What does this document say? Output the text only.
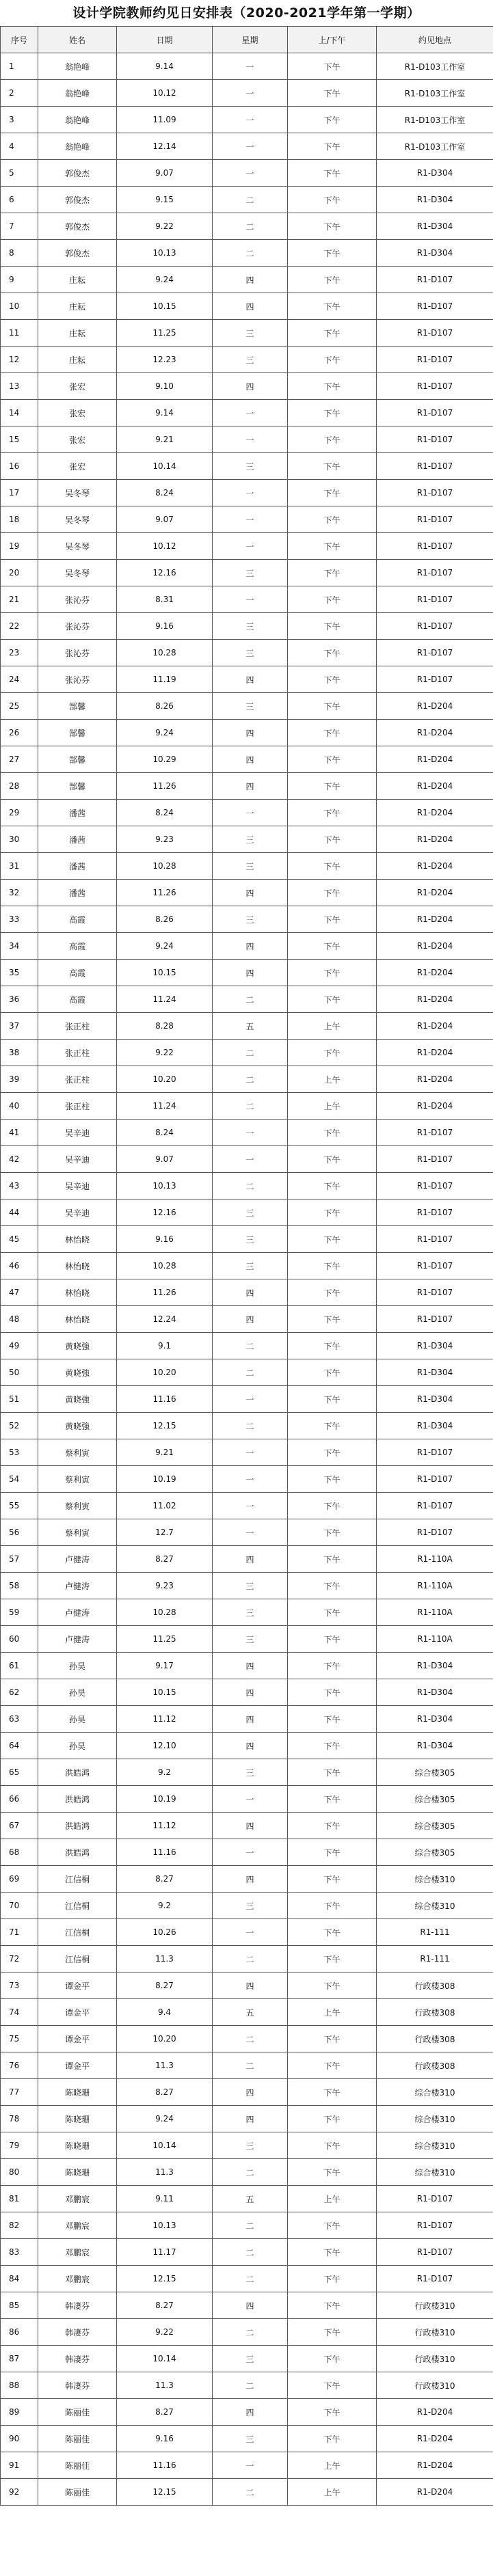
设计学院教师约见日安排表（2020-2021学年第一学期）
序号	姓名	日期	星期	上/下午	约见地点
1	翁艳峰	9.14	一	下午	R1-D103工作室
2	翁艳峰	10.12	一	下午	R1-D103工作室
3	翁艳峰	11.09	一	下午	R1-D103工作室
4	翁艳峰	12.14	一	下午	R1-D103工作室
5	郭俊杰	9.07	一	下午	R1-D304
6	郭俊杰	9.15	二	下午	R1-D304
7	郭俊杰	9.22	二	下午	R1-D304
8	郭俊杰	10.13	二	下午	R1-D304
9	庄耘	9.24	四	下午	R1-D107
10	庄耘	10.15	四	下午	R1-D107
11	庄耘	11.25	三	下午	R1-D107
12	庄耘	12.23	三	下午	R1-D107
13	张宏	9.10	四	下午	R1-D107
14	张宏	9.14	一	下午	R1-D107
15	张宏	9.21	一	下午	R1-D107
16	张宏	10.14	三	下午	R1-D107
17	吴冬琴	8.24	一	下午	R1-D107
18	吴冬琴	9.07	一	下午	R1-D107
19	吴冬琴	10.12	一	下午	R1-D107
20	吴冬琴	12.16	三	下午	R1-D107
21	张沁芬	8.31	一	下午	R1-D107
22	张沁芬	9.16	三	下午	R1-D107
23	张沁芬	10.28	三	下午	R1-D107
24	张沁芬	11.19	四	下午	R1-D107
25	郜馨	8.26	三	下午	R1-D204
26	郜馨	9.24	四	下午	R1-D204
27	郜馨	10.29	四	下午	R1-D204
28	郜馨	11.26	四	下午	R1-D204
29	潘茜	8.24	一	下午	R1-D204
30	潘茜	9.23	三	下午	R1-D204
31	潘茜	10.28	三	下午	R1-D204
32	潘茜	11.26	四	下午	R1-D204
33	高霞	8.26	三	下午	R1-D204
34	高霞	9.24	四	下午	R1-D204
35	高霞	10.15	四	下午	R1-D204
36	高霞	11.24	二	下午	R1-D204
37	张正柱	8.28	五	上午	R1-D204
38	张正柱	9.22	二	下午	R1-D204
39	张正柱	10.20	二	上午	R1-D204
40	张正柱	11.24	二	上午	R1-D204
41	吴辛迪	8.24	一	下午	R1-D107
42	吴辛迪	9.07	一	下午	R1-D107
43	吴辛迪	10.13	二	下午	R1-D107
44	吴辛迪	12.16	三	下午	R1-D107
45	林怡晓	9.16	三	下午	R1-D107
46	林怡晓	10.28	三	下午	R1-D107
47	林怡晓	11.26	四	下午	R1-D107
48	林怡晓	12.24	四	下午	R1-D107
49	黄晓強	9.1	二	下午	R1-D304
50	黄晓強	10.20	二	下午	R1-D304
51	黄晓強	11.16	一	下午	R1-D304
52	黄晓強	12.15	二	下午	R1-D304
53	蔡利寅	9.21	一	下午	R1-D107
54	蔡利寅	10.19	一	下午	R1-D107
55	蔡利寅	11.02	一	下午	R1-D107
56	蔡利寅	12.7	一	下午	R1-D107
57	卢健涛	8.27	四	下午	R1-110A
58	卢健涛	9.23	三	下午	R1-110A
59	卢健涛	10.28	三	下午	R1-110A
60	卢健涛	11.25	三	下午	R1-110A
61	孙昊	9.17	四	下午	R1-D304
62	孙昊	10.15	四	下午	R1-D304
63	孙昊	11.12	四	下午	R1-D304
64	孙昊	12.10	四	下午	R1-D304
65	洪皓鸿	9.2	三	下午	综合楼305
66	洪皓鸿	10.19	一	下午	综合楼305
67	洪皓鸿	11.12	四	下午	综合楼305
68	洪皓鸿	11.16	一	下午	综合楼305
69	江信桐	8.27	四	下午	综合楼310
70	江信桐	9.2	三	下午	综合楼310
71	江信桐	10.26	一	下午	R1-111
72	江信桐	11.3	二	下午	R1-111
73	谭金平	8.27	四	下午	行政楼308
74	谭金平	9.4	五	上午	行政楼308
75	谭金平	10.20	二	下午	行政楼308
76	谭金平	11.3	二	下午	行政楼308
77	陈晓珊	8.27	四	下午	综合楼310
78	陈晓珊	9.24	四	下午	综合楼310
79	陈晓珊	10.14	三	下午	综合楼310
80	陈晓珊	11.3	二	下午	综合楼310
81	邓鹏宸	9.11	五	上午	R1-D107
82	邓鹏宸	10.13	二	下午	R1-D107
83	邓鹏宸	11.17	二	下午	R1-D107
84	邓鹏宸	12.15	二	下午	R1-D107
85	韩凄芬	8.27	四	下午	行政楼310
86	韩凄芬	9.22	二	下午	行政楼310
87	韩凄芬	10.14	三	下午	行政楼310
88	韩凄芬	11.3	二	下午	行政楼310
89	陈丽佳	8.27	四	下午	R1-D204
90	陈丽佳	9.16	三	下午	R1-D204
91	陈丽佳	11.16	一	上午	R1-D204
92	陈丽佳	12.15	二	上午	R1-D204
